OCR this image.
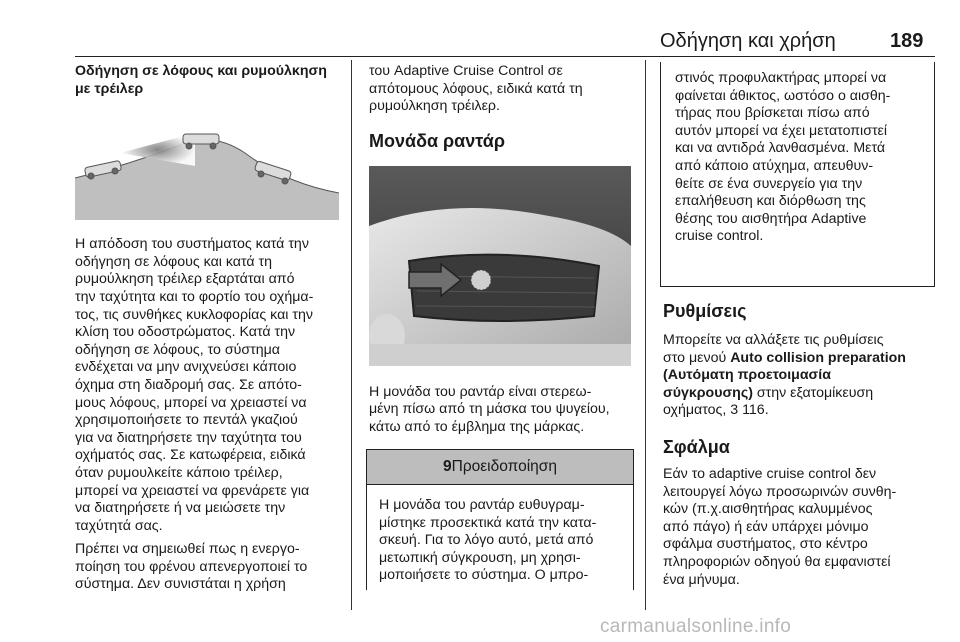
Οδήγηση και χρήση	189
Οδήγηση σε λόφους και ρυμούλκηση
με τρέιλερ

Η απόδοση του συστήματος κατά την
οδήγηση σε λόφους και κατά τη
ρυμούλκηση τρέιλερ εξαρτάται από
την ταχύτητα και το φορτίο του οχήμα-
τος, τις συνθήκες κυκλοφορίας και την
κλίση του οδοστρώματος. Κατά την
οδήγηση σε λόφους, το σύστημα
ενδέχεται να μην ανιχνεύσει κάποιο
όχημα στη διαδρομή σας. Σε απότο-
μους λόφους, μπορεί να χρειαστεί να
χρησιμοποιήσετε το πεντάλ γκαζιού
για να διατηρήσετε την ταχύτητα του
οχήματός σας. Σε κατωφέρεια, ειδικά
όταν ρυμουλκείτε κάποιο τρέιλερ,
μπορεί να χρειαστεί να φρενάρετε για
να διατηρήσετε ή να μειώσετε την
ταχύτητά σας.

Πρέπει να σημειωθεί πως η ενεργο-
ποίηση του φρένου απενεργοποιεί το
σύστημα. Δεν συνιστάται η χρήση

του Adaptive Cruise Control σε
απότομους λόφους, ειδικά κατά τη
ρυμούλκηση τρέιλερ.

Μονάδα ραντάρ

Η μονάδα του ραντάρ είναι στερεω-
μένη πίσω από τη μάσκα του ψυγείου,
κάτω από το έμβλημα της μάρκας.

9 Προειδοποίηση
Η μονάδα του ραντάρ ευθυγραμ-
μίστηκε προσεκτικά κατά την κατα-
σκευή. Για το λόγο αυτό, μετά από
μετωπική σύγκρουση, μη χρησι-
μοποιήσετε το σύστημα. Ο μπρο-

στινός προφυλακτήρας μπορεί να
φαίνεται άθικτος, ωστόσο ο αισθη-
τήρας που βρίσκεται πίσω από
αυτόν μπορεί να έχει μετατοπιστεί
και να αντιδρά λανθασμένα. Μετά
από κάποιο ατύχημα, απευθυν-
θείτε σε ένα συνεργείο για την
επαλήθευση και διόρθωση της
θέσης του αισθητήρα Adaptive
cruise control.

Ρυθμίσεις

Μπορείτε να αλλάξετε τις ρυθμίσεις
στο μενού Auto collision preparation
(Αυτόματη προετοιμασία
σύγκρουσης) στην εξατομίκευση
οχήματος, 3 116.

Σφάλμα

Εάν το adaptive cruise control δεν
λειτουργεί λόγω προσωρινών συνθη-
κών (π.χ.αισθητήρας καλυμμένος
από πάγο) ή εάν υπάρχει μόνιμο
σφάλμα συστήματος, στο κέντρο
πληροφοριών οδηγού θα εμφανιστεί
ένα μήνυμα.

carmanualsonline.info
